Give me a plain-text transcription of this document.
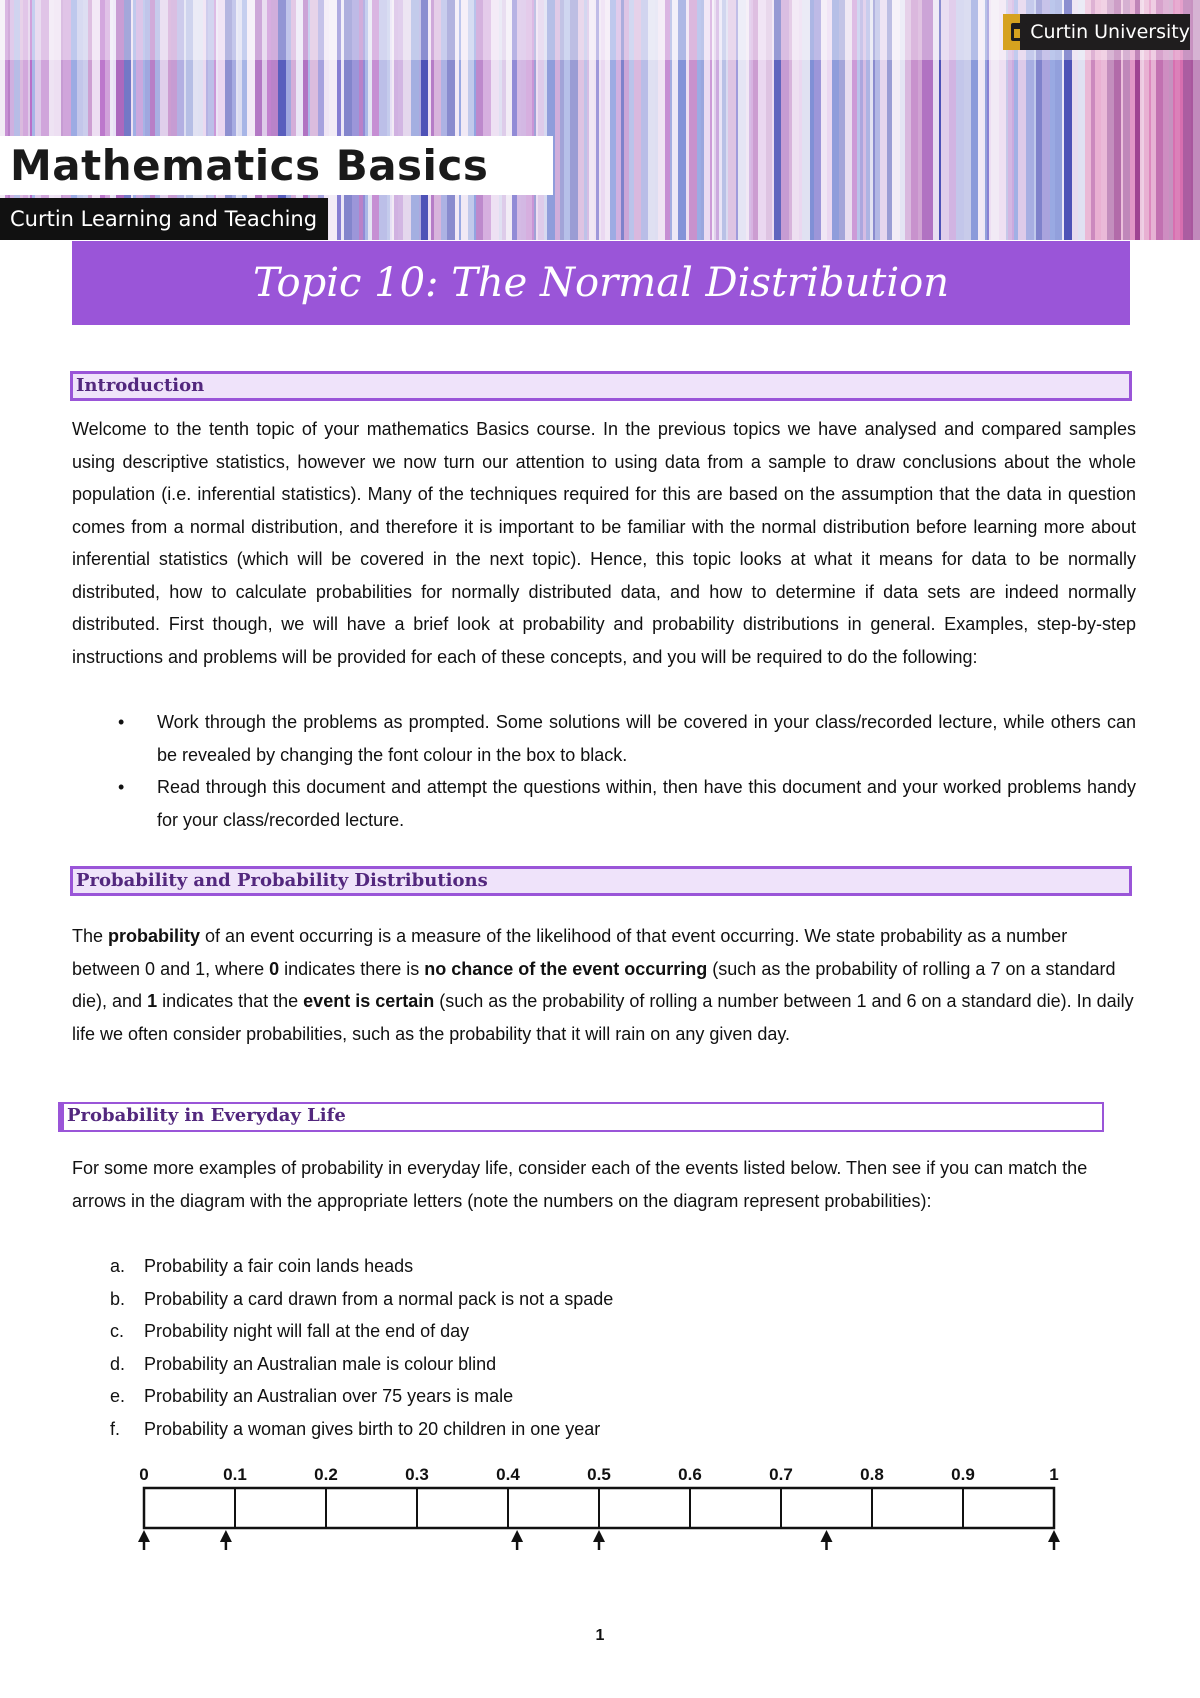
Curtin University
Mathematics Basics
Curtin Learning and Teaching
Topic 10: The Normal Distribution
Introduction
Welcome to the tenth topic of your mathematics Basics course. In the previous topics we have analysed and compared samples using descriptive statistics, however we now turn our attention to using data from a sample to draw conclusions about the whole population (i.e. inferential statistics). Many of the techniques required for this are based on the assumption that the data in question comes from a normal distribution, and therefore it is important to be familiar with the normal distribution before learning more about inferential statistics (which will be covered in the next topic). Hence, this topic looks at what it means for data to be normally distributed, how to calculate probabilities for normally distributed data, and how to determine if data sets are indeed normally distributed. First though, we will have a brief look at probability and probability distributions in general. Examples, step-by-step instructions and problems will be provided for each of these concepts, and you will be required to do the following:
• Work through the problems as prompted. Some solutions will be covered in your class/recorded lecture, while others can be revealed by changing the font colour in the box to black.
• Read through this document and attempt the questions within, then have this document and your worked problems handy for your class/recorded lecture.
Probability and Probability Distributions
The probability of an event occurring is a measure of the likelihood of that event occurring. We state probability as a number between 0 and 1, where 0 indicates there is no chance of the event occurring (such as the probability of rolling a 7 on a standard die), and 1 indicates that the event is certain (such as the probability of rolling a number between 1 and 6 on a standard die). In daily life we often consider probabilities, such as the probability that it will rain on any given day.
Probability in Everyday Life
For some more examples of probability in everyday life, consider each of the events listed below. Then see if you can match the arrows in the diagram with the appropriate letters (note the numbers on the diagram represent probabilities):
a. Probability a fair coin lands heads
b. Probability a card drawn from a normal pack is not a spade
c. Probability night will fall at the end of day
d. Probability an Australian male is colour blind
e. Probability an Australian over 75 years is male
f. Probability a woman gives birth to 20 children in one year
0	0.1	0.2	0.3	0.4	0.5	0.6	0.7	0.8	0.9	1
1
